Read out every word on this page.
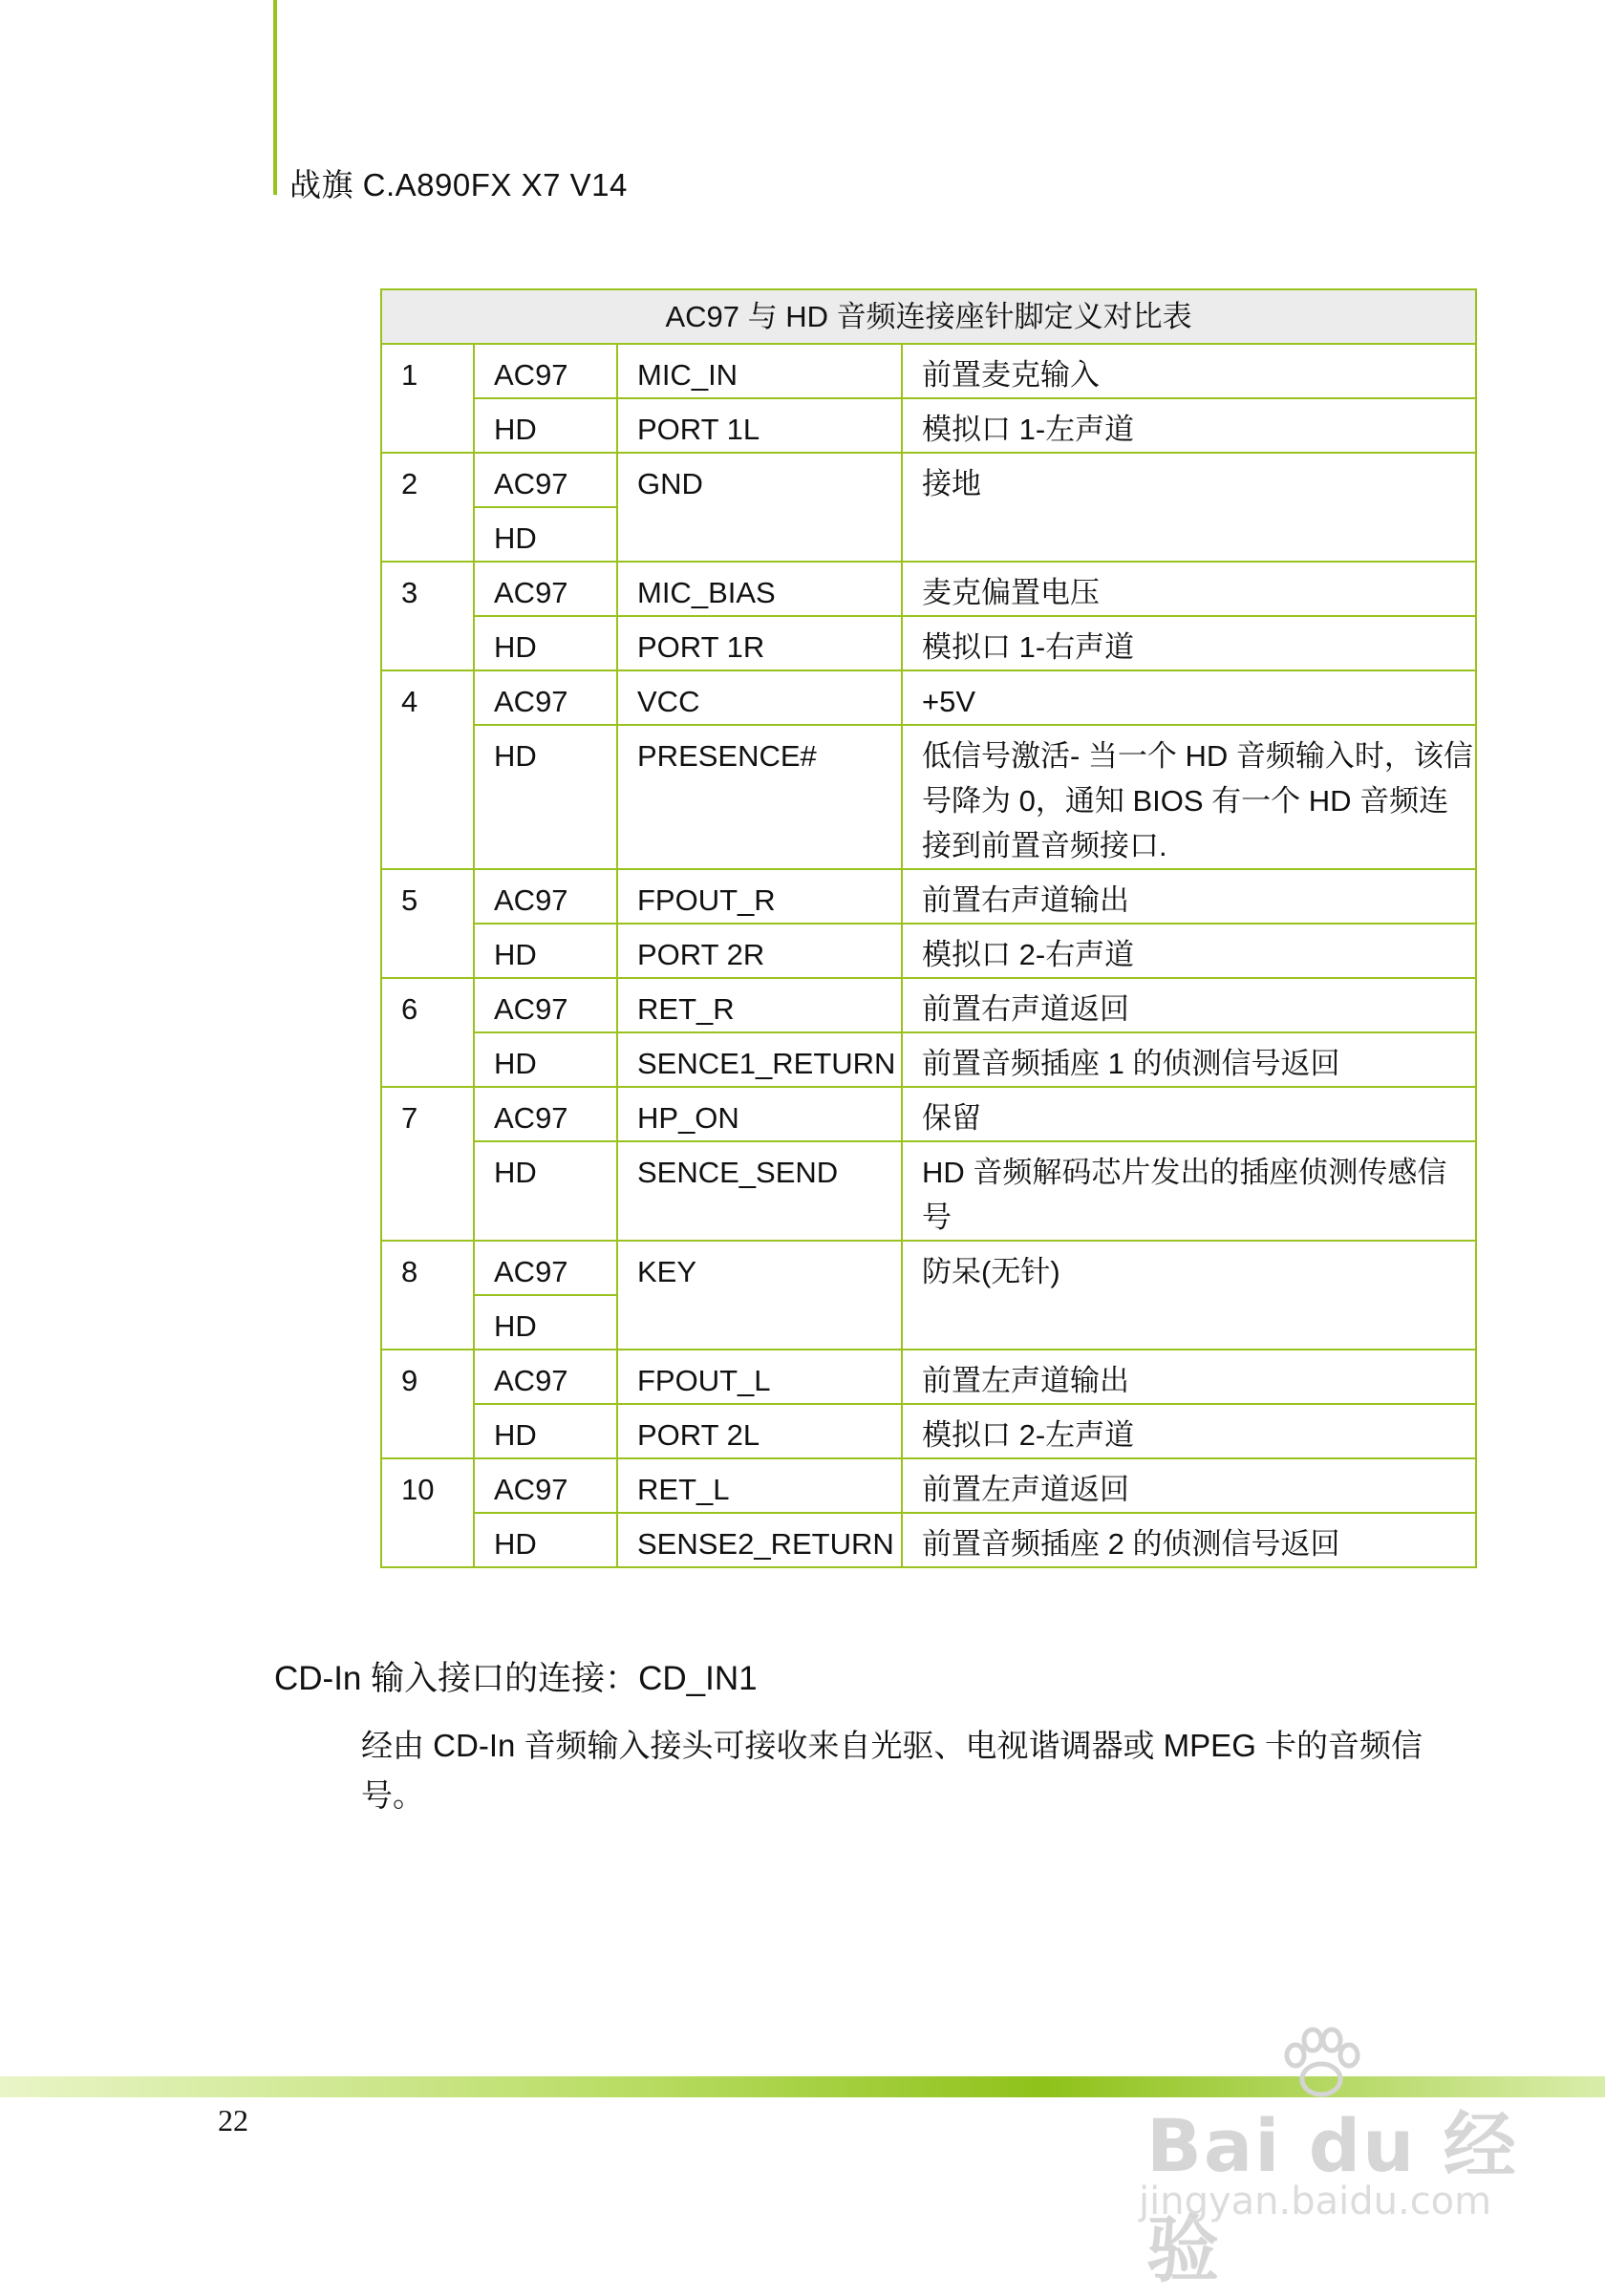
战旗 C.A890FX X7 V14
AC97 与 HD 音频连接座针脚定义对比表			
1	AC97	MIC_IN	前置麦克输入
	HD	PORT 1L	模拟口 1-左声道
2	AC97	GND	接地
	HD		
3	AC97	MIC_BIAS	麦克偏置电压
	HD	PORT 1R	模拟口 1-右声道
4	AC97	VCC	+5V
	HD	PRESENCE#	低信号激活- 当一个 HD 音频输入时，该信号降为 0，通知 BIOS 有一个 HD 音频连接到前置音频接口.
5	AC97	FPOUT_R	前置右声道输出
	HD	PORT 2R	模拟口 2-右声道
6	AC97	RET_R	前置右声道返回
	HD	SENCE1_RETURN	前置音频插座 1 的侦测信号返回
7	AC97	HP_ON	保留
	HD	SENCE_SEND	HD 音频解码芯片发出的插座侦测传感信号
8	AC97	KEY	防呆(无针)
	HD		
9	AC97	FPOUT_L	前置左声道输出
	HD	PORT 2L	模拟口 2-左声道
10	AC97	RET_L	前置左声道返回
	HD	SENSE2_RETURN	前置音频插座 2 的侦测信号返回
CD-In 输入接口的连接：CD_IN1
经由 CD-In 音频输入接头可接收来自光驱、电视谐调器或 MPEG 卡的音频信号。
22	Bai du 经验
jingyan.baidu.com
